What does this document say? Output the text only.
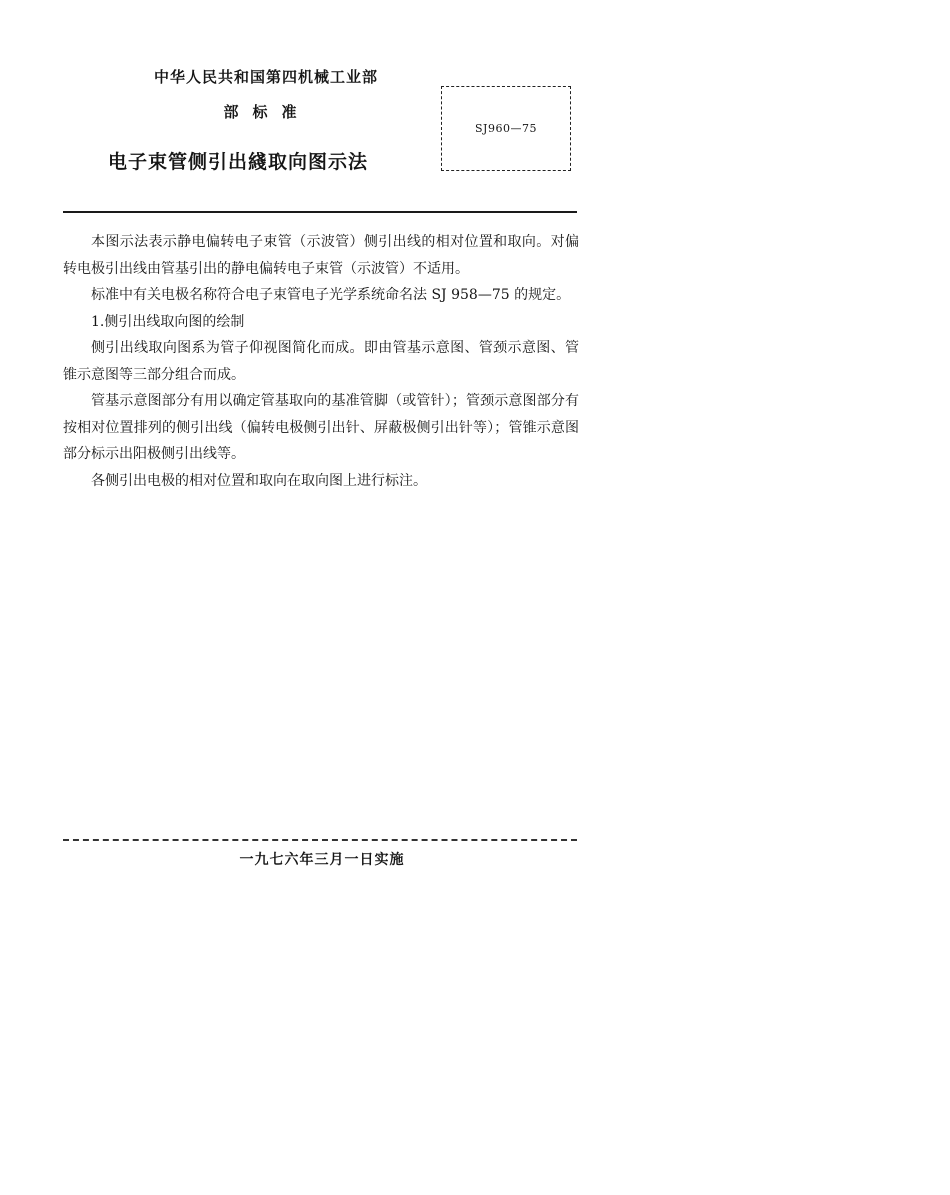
中华人民共和国第四机械工业部
部标准
电子束管侧引出綫取向图示法
SJ960—75

本图示法表示静电偏转电子束管（示波管）侧引出线的相对位置和取向。对偏转电极引出线由管基引出的静电偏转电子束管（示波管）不适用。

标准中有关电极名称符合电子束管电子光学系统命名法 SJ 958—75 的规定。

1.侧引出线取向图的绘制

侧引出线取向图系为管子仰视图简化而成。即由管基示意图、管颈示意图、管锥示意图等三部分组合而成。

管基示意图部分有用以确定管基取向的基准管脚（或管针）；管颈示意图部分有按相对位置排列的侧引出线（偏转电极侧引出针、屏蔽极侧引出针等）；管锥示意图部分标示出阳极侧引出线等。

各侧引出电极的相对位置和取向在取向图上进行标注。

一九七六年三月一日实施
